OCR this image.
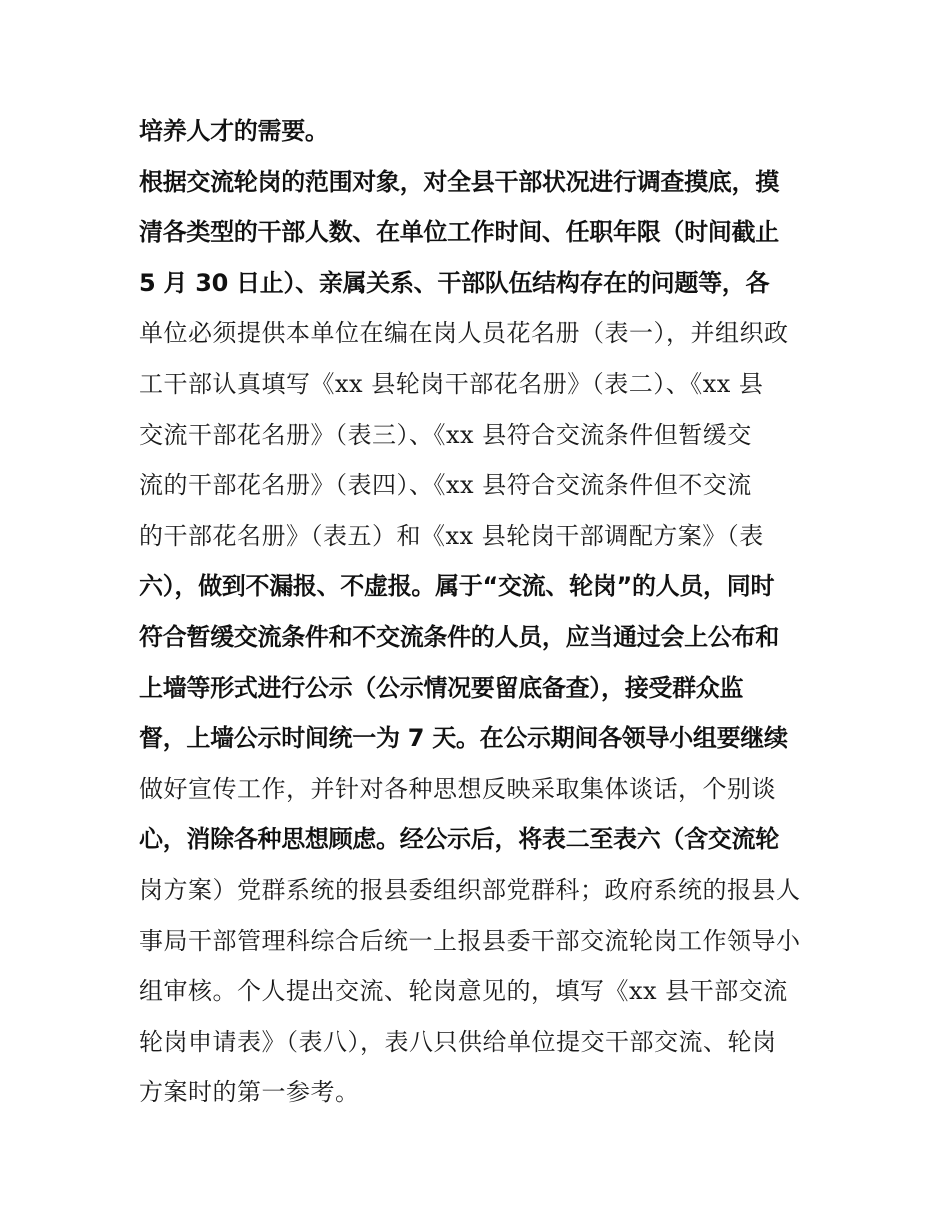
培养人才的需要。
根据交流轮岗的范围对象，对全县干部状况进行调查摸底，摸
清各类型的干部人数、在单位工作时间、任职年限（时间截止
5 月 30 日止）、亲属关系、干部队伍结构存在的问题等，各
单位必须提供本单位在编在岗人员花名册（表一），并组织政
工干部认真填写《xx 县轮岗干部花名册》（表二）、《xx 县
交流干部花名册》（表三）、《xx 县符合交流条件但暂缓交
流的干部花名册》（表四）、《xx 县符合交流条件但不交流
的干部花名册》（表五）和《xx 县轮岗干部调配方案》（表
六），做到不漏报、不虚报。属于“交流、轮岗”的人员，同时
符合暂缓交流条件和不交流条件的人员，应当通过会上公布和
上墙等形式进行公示（公示情况要留底备查），接受群众监
督，上墙公示时间统一为 7 天。在公示期间各领导小组要继续
做好宣传工作，并针对各种思想反映采取集体谈话，个别谈
心，消除各种思想顾虑。经公示后，将表二至表六（含交流轮
岗方案）党群系统的报县委组织部党群科；政府系统的报县人
事局干部管理科综合后统一上报县委干部交流轮岗工作领导小
组审核。个人提出交流、轮岗意见的，填写《xx 县干部交流
轮岗申请表》（表八），表八只供给单位提交干部交流、轮岗
方案时的第一参考。
